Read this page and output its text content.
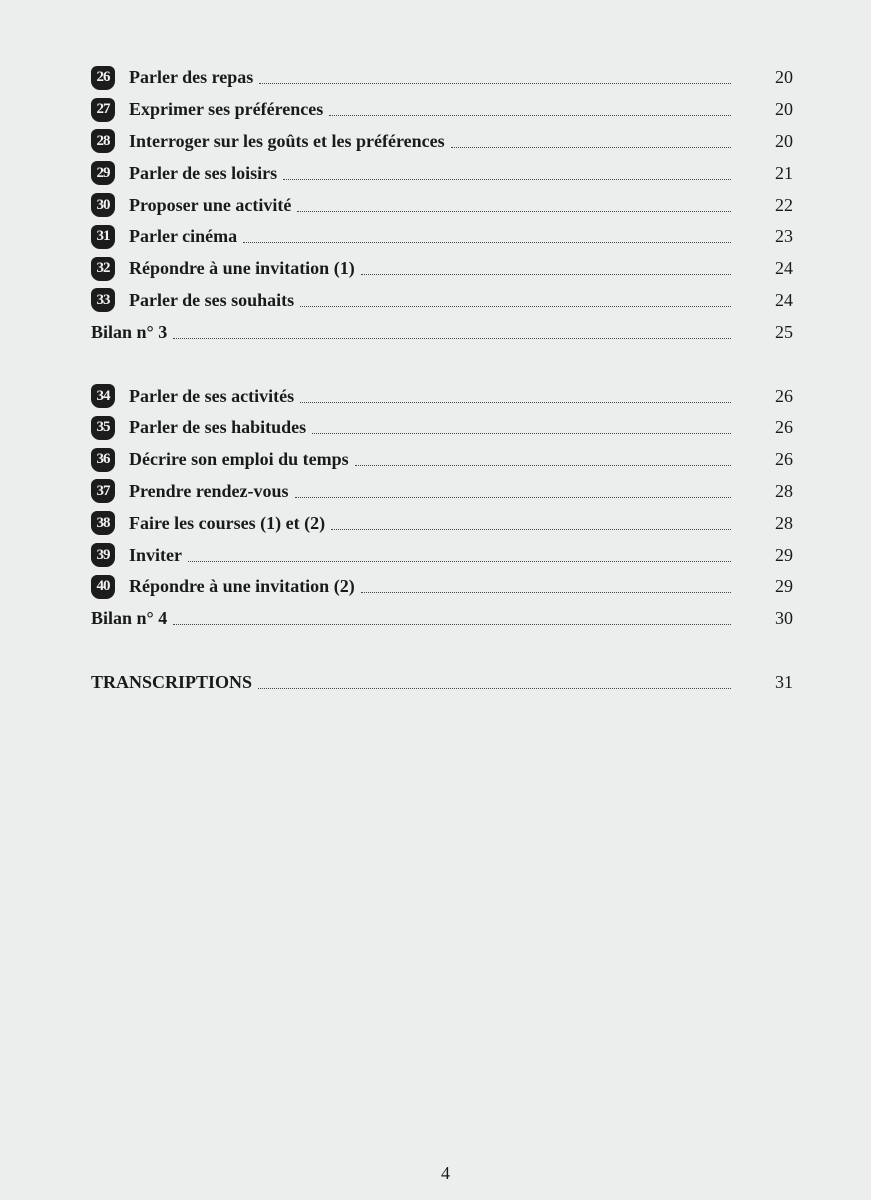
26	Parler des repas	20
27	Exprimer ses préférences	20
28	Interroger sur les goûts et les préférences	20
29	Parler de ses loisirs	21
30	Proposer une activité	22
31	Parler cinéma	23
32	Répondre à une invitation (1)	24
33	Parler de ses souhaits	24
Bilan n° 3	25
34	Parler de ses activités	26
35	Parler de ses habitudes	26
36	Décrire son emploi du temps	26
37	Prendre rendez-vous	28
38	Faire les courses (1) et (2)	28
39	Inviter	29
40	Répondre à une invitation (2)	29
Bilan n° 4	30
TRANSCRIPTIONS	31
4
